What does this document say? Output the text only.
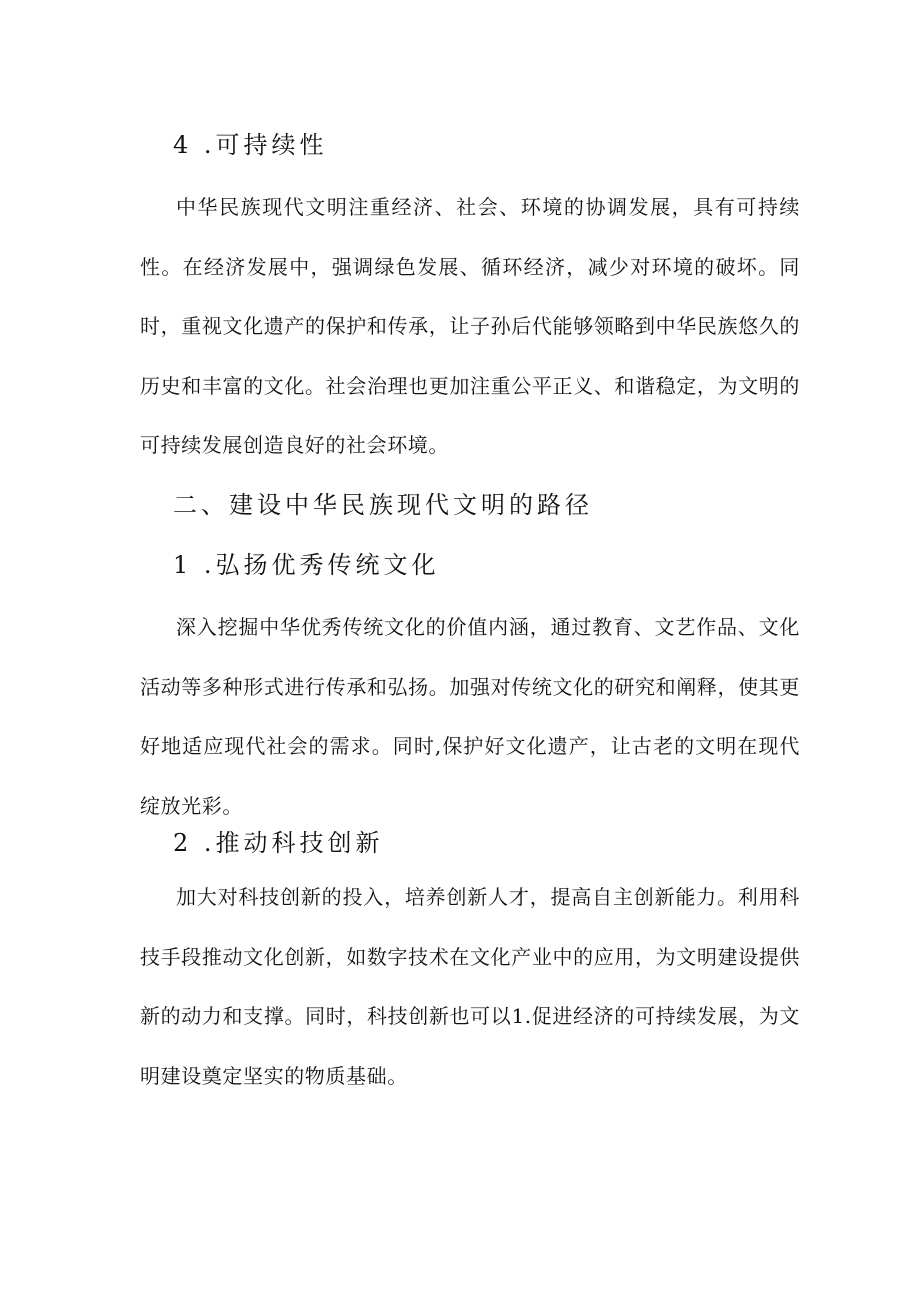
4 .可持续性

中华民族现代文明注重经济、社会、环境的协调发展，具有可持续性。在经济发展中，强调绿色发展、循环经济，减少对环境的破坏。同时，重视文化遗产的保护和传承，让子孙后代能够领略到中华民族悠久的历史和丰富的文化。社会治理也更加注重公平正义、和谐稳定，为文明的可持续发展创造良好的社会环境。

二、建设中华民族现代文明的路径
1 .弘扬优秀传统文化

深入挖掘中华优秀传统文化的价值内涵，通过教育、文艺作品、文化活动等多种形式进行传承和弘扬。加强对传统文化的研究和阐释，使其更好地适应现代社会的需求。同时,保护好文化遗产，让古老的文明在现代绽放光彩。

2 .推动科技创新

加大对科技创新的投入，培养创新人才，提高自主创新能力。利用科技手段推动文化创新，如数字技术在文化产业中的应用，为文明建设提供新的动力和支撑。同时，科技创新也可以1.促进经济的可持续发展，为文明建设奠定坚实的物质基础。
